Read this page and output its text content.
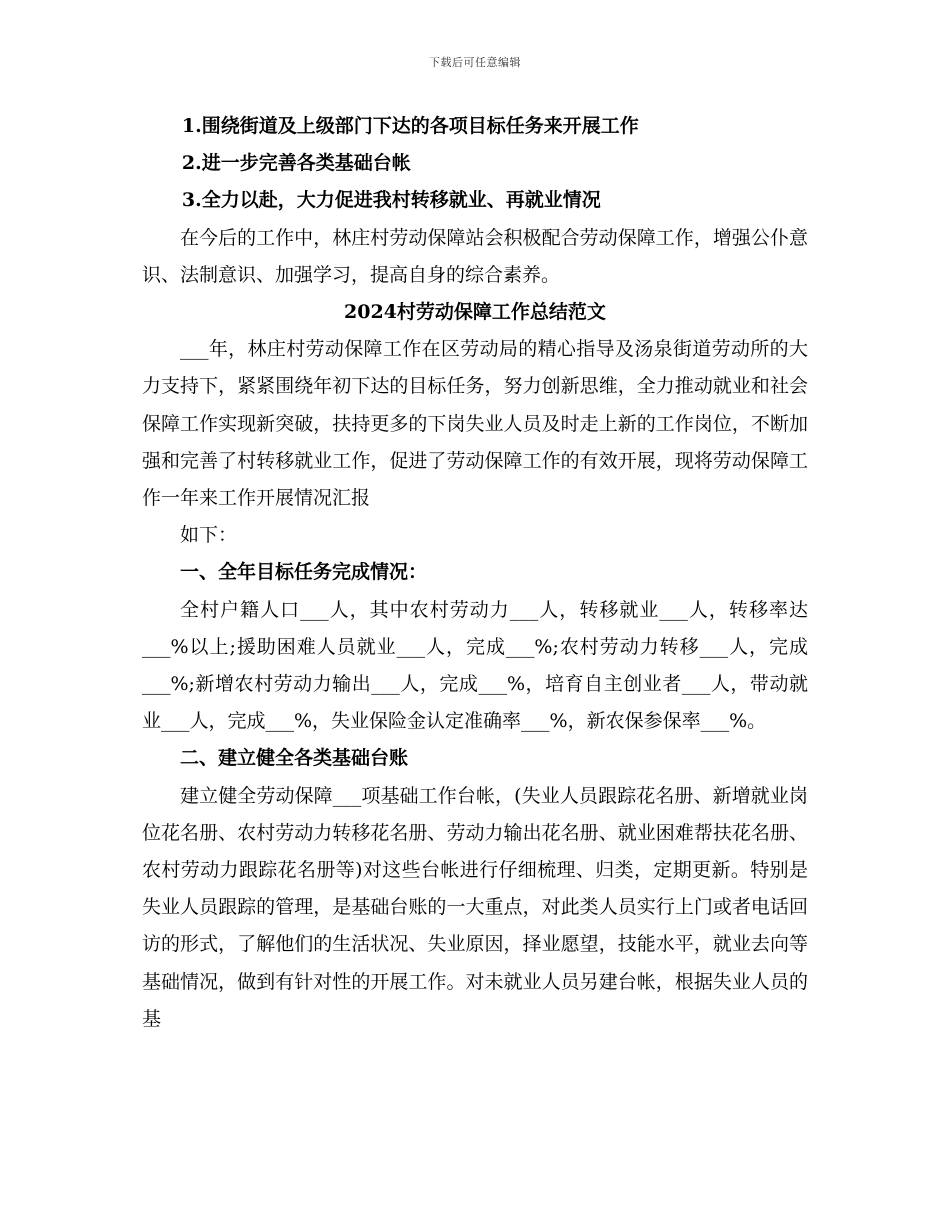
下载后可任意编辑

1.围绕街道及上级部门下达的各项目标任务来开展工作

2.进一步完善各类基础台帐

3.全力以赴，大力促进我村转移就业、再就业情况

在今后的工作中，林庄村劳动保障站会积极配合劳动保障工作，增强公仆意识、法制意识、加强学习，提高自身的综合素养。

2024村劳动保障工作总结范文

___年，林庄村劳动保障工作在区劳动局的精心指导及汤泉街道劳动所的大力支持下，紧紧围绕年初下达的目标任务，努力创新思维，全力推动就业和社会保障工作实现新突破，扶持更多的下岗失业人员及时走上新的工作岗位，不断加强和完善了村转移就业工作，促进了劳动保障工作的有效开展，现将劳动保障工作一年来工作开展情况汇报

如下：

一、全年目标任务完成情况：

全村户籍人口___人，其中农村劳动力___人，转移就业___人，转移率达___%以上;援助困难人员就业___人，完成___%;农村劳动力转移___人，完成___%;新增农村劳动力输出___人，完成___%，培育自主创业者___人，带动就业___人，完成___%，失业保险金认定准确率___%，新农保参保率___%。

二、建立健全各类基础台账

建立健全劳动保障___项基础工作台帐，(失业人员跟踪花名册、新增就业岗位花名册、农村劳动力转移花名册、劳动力输出花名册、就业困难帮扶花名册、农村劳动力跟踪花名册等)对这些台帐进行仔细梳理、归类，定期更新。特别是失业人员跟踪的管理，是基础台账的一大重点，对此类人员实行上门或者电话回访的形式，了解他们的生活状况、失业原因，择业愿望，技能水平，就业去向等基础情况，做到有针对性的开展工作。对未就业人员另建台帐，根据失业人员的基
